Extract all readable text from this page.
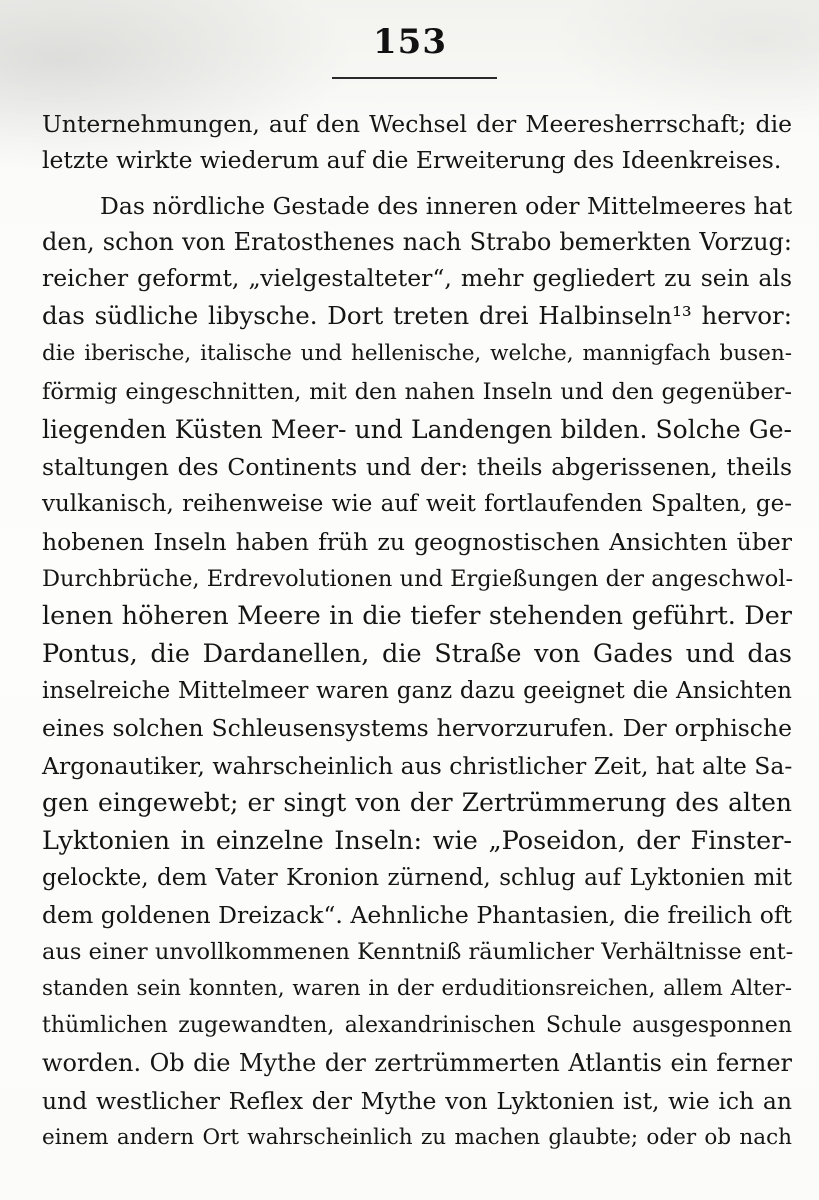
153
Unternehmungen, auf den Wechsel der Meeresherrschaft; die
letzte wirkte wiederum auf die Erweiterung des Ideenkreises.
Das nördliche Gestade des inneren oder Mittelmeeres hat
den, schon von Eratosthenes nach Strabo bemerkten Vorzug:
reicher geformt, „vielgestalteter“, mehr gegliedert zu sein als
das südliche libysche. Dort treten drei Halbinseln¹³ hervor:
die iberische, italische und hellenische, welche, mannigfach busen-
förmig eingeschnitten, mit den nahen Inseln und den gegenüber-
liegenden Küsten Meer- und Landengen bilden. Solche Ge-
staltungen des Continents und der: theils abgerissenen, theils
vulkanisch, reihenweise wie auf weit fortlaufenden Spalten, ge-
hobenen Inseln haben früh zu geognostischen Ansichten über
Durchbrüche, Erdrevolutionen und Ergießungen der angeschwol-
lenen höheren Meere in die tiefer stehenden geführt. Der
Pontus, die Dardanellen, die Straße von Gades und das
inselreiche Mittelmeer waren ganz dazu geeignet die Ansichten
eines solchen Schleusensystems hervorzurufen. Der orphische
Argonautiker, wahrscheinlich aus christlicher Zeit, hat alte Sa-
gen eingewebt; er singt von der Zertrümmerung des alten
Lyktonien in einzelne Inseln: wie „Poseidon, der Finster-
gelockte, dem Vater Kronion zürnend, schlug auf Lyktonien mit
dem goldenen Dreizack“. Aehnliche Phantasien, die freilich oft
aus einer unvollkommenen Kenntniß räumlicher Verhältnisse ent-
standen sein konnten, waren in der erduditionsreichen, allem Alter-
thümlichen zugewandten, alexandrinischen Schule ausgesponnen
worden. Ob die Mythe der zertrümmerten Atlantis ein ferner
und westlicher Reflex der Mythe von Lyktonien ist, wie ich an
einem andern Ort wahrscheinlich zu machen glaubte; oder ob nach
